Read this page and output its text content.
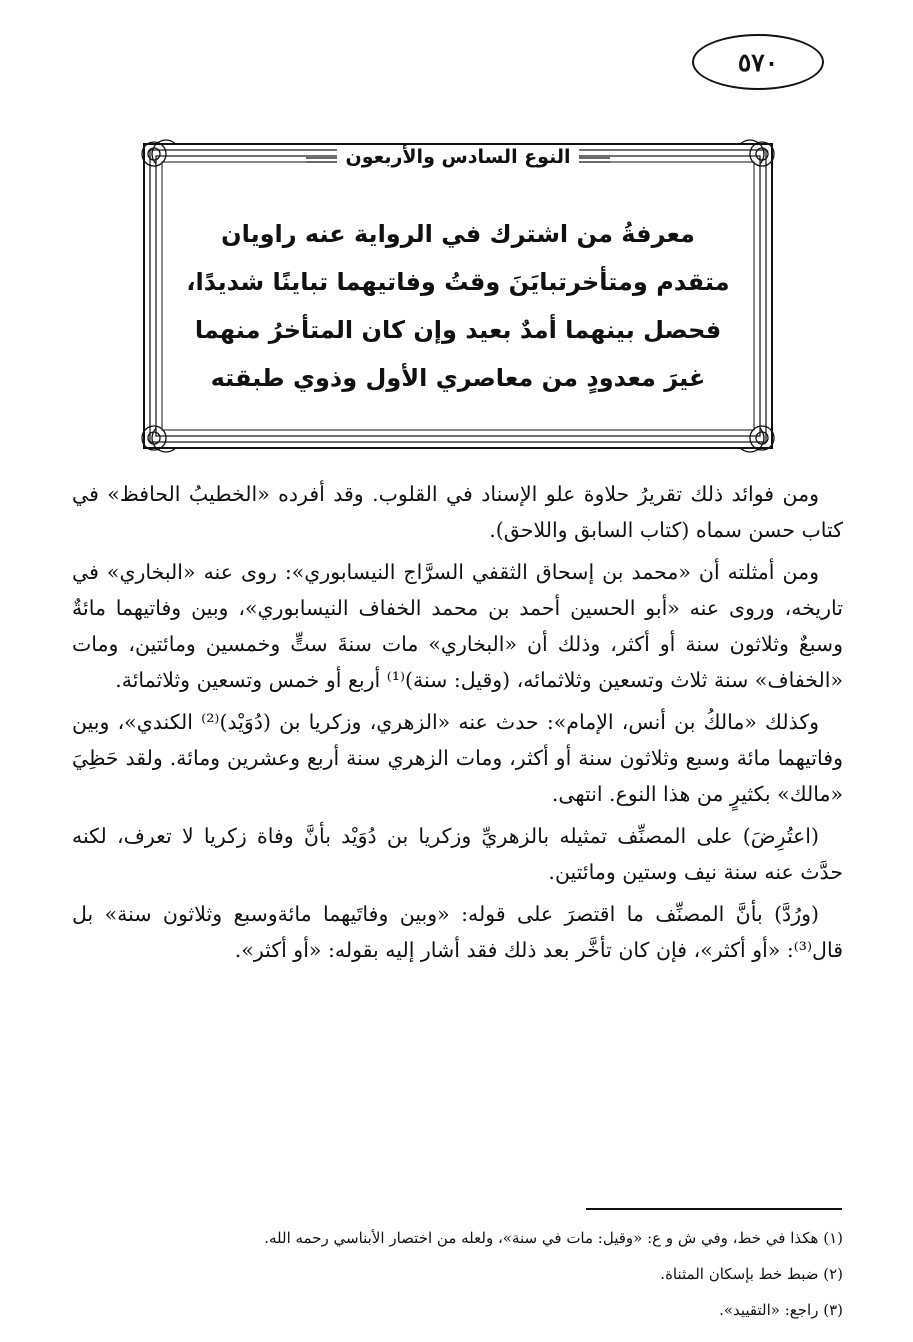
٥٧٠
النوع السادس والأربعون
معرفةُ من اشترك في الرواية عنه راويان
متقدم ومتأخرتبايَنَ وقتُ وفاتيهما تباينًا شديدًا،
فحصل بينهما أمدٌ بعيد وإن كان المتأخرُ منهما
غيرَ معدودٍ من معاصري الأول وذوي طبقته

ومن فوائد ذلك تقريرُ حلاوة علو الإسناد في القلوب. وقد أفرده «الخطيبُ الحافظ» في كتاب حسن سماه (كتاب السابق واللاحق).

ومن أمثلته أن «محمد بن إسحاق الثقفي السرَّاج النيسابوري»: روى عنه «البخاري» في تاريخه، وروى عنه «أبو الحسين أحمد بن محمد الخفاف النيسابوري»، وبين وفاتيهما مائةٌ وسبعٌ وثلاثون سنة أو أكثر، وذلك أن «البخاري» مات سنةَ ستٍّ وخمسين ومائتين، ومات «الخفاف» سنة ثلاث وتسعين وثلاثمائه، (وقيل: سنة)⁽¹⁾ أربع أو خمس وتسعين وثلاثمائة.

وكذلك «مالكُ بن أنس، الإمام»: حدث عنه «الزهري، وزكريا بن (دُوَيْد)⁽²⁾ الكندي»، وبين وفاتيهما مائة وسبع وثلاثون سنة أو أكثر، ومات الزهري سنة أربع وعشرين ومائة. ولقد حَظِيَ «مالك» بكثيرٍ من هذا النوع. انتهى.

(اعتُرِضَ) على المصنِّف تمثيله بالزهريِّ وزكريا بن دُوَيْد بأنَّ وفاة زكريا لا تعرف، لكنه حدَّث عنه سنة نيف وستين ومائتين.

(ورُدَّ) بأنَّ المصنِّف ما اقتصرَ على قوله: «وبين وفاتَيهما مائةوسبع وثلاثون سنة» بل قال⁽³⁾: «أو أكثر»، فإن كان تأخَّر بعد ذلك فقد أشار إليه بقوله: «أو أكثر».

(١) هكذا في خط، وفي ش و ع: «وقيل: مات في سنة»، ولعله من اختصار الأبناسي رحمه الله.

(٢) ضبط خط بإسكان المثناة.

(٣) راجع: «التقييد».
